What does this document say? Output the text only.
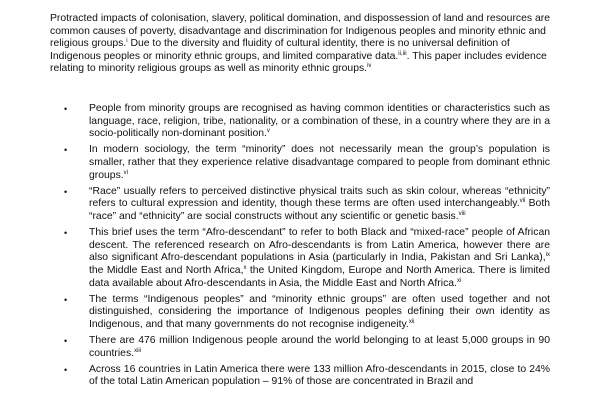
Protracted impacts of colonisation, slavery, political domination, and dispossession of land and resources are common causes of poverty, disadvantage and discrimination for Indigenous peoples and minority ethnic and religious groups.$^i$ Due to the diversity and fluidity of cultural identity, there is no universal definition of Indigenous peoples or minority ethnic groups, and limited comparative data.$^{ii,iii}$. This paper includes evidence relating to minority religious groups as well as minority ethnic groups.$^{iv}$

• People from minority groups are recognised as having common identities or characteristics such as language, race, religion, tribe, nationality, or a combination of these, in a country where they are in a socio-politically non-dominant position.$^v$
• In modern sociology, the term “minority” does not necessarily mean the group’s population is smaller, rather that they experience relative disadvantage compared to people from dominant ethnic groups.$^{vi}$
• “Race” usually refers to perceived distinctive physical traits such as skin colour, whereas “ethnicity” refers to cultural expression and identity, though these terms are often used interchangeably.$^{vii}$ Both “race” and “ethnicity” are social constructs without any scientific or genetic basis.$^{viii}$
• This brief uses the term “Afro-descendant” to refer to both Black and “mixed-race” people of African descent. The referenced research on Afro-descendants is from Latin America, however there are also significant Afro-descendant populations in Asia (particularly in India, Pakistan and Sri Lanka),$^{ix}$ the Middle East and North Africa,$^x$ the United Kingdom, Europe and North America. There is limited data available about Afro-descendants in Asia, the Middle East and North Africa.$^{xi}$
• The terms “Indigenous peoples” and “minority ethnic groups” are often used together and not distinguished, considering the importance of Indigenous peoples defining their own identity as Indigenous, and that many governments do not recognise indigeneity.$^{xii}$
• There are 476 million Indigenous people around the world belonging to at least 5,000 groups in 90 countries.$^{xiii}$
• Across 16 countries in Latin America there were 133 million Afro-descendants in 2015, close to 24% of the total Latin American population – 91% of those are concentrated in Brazil and
